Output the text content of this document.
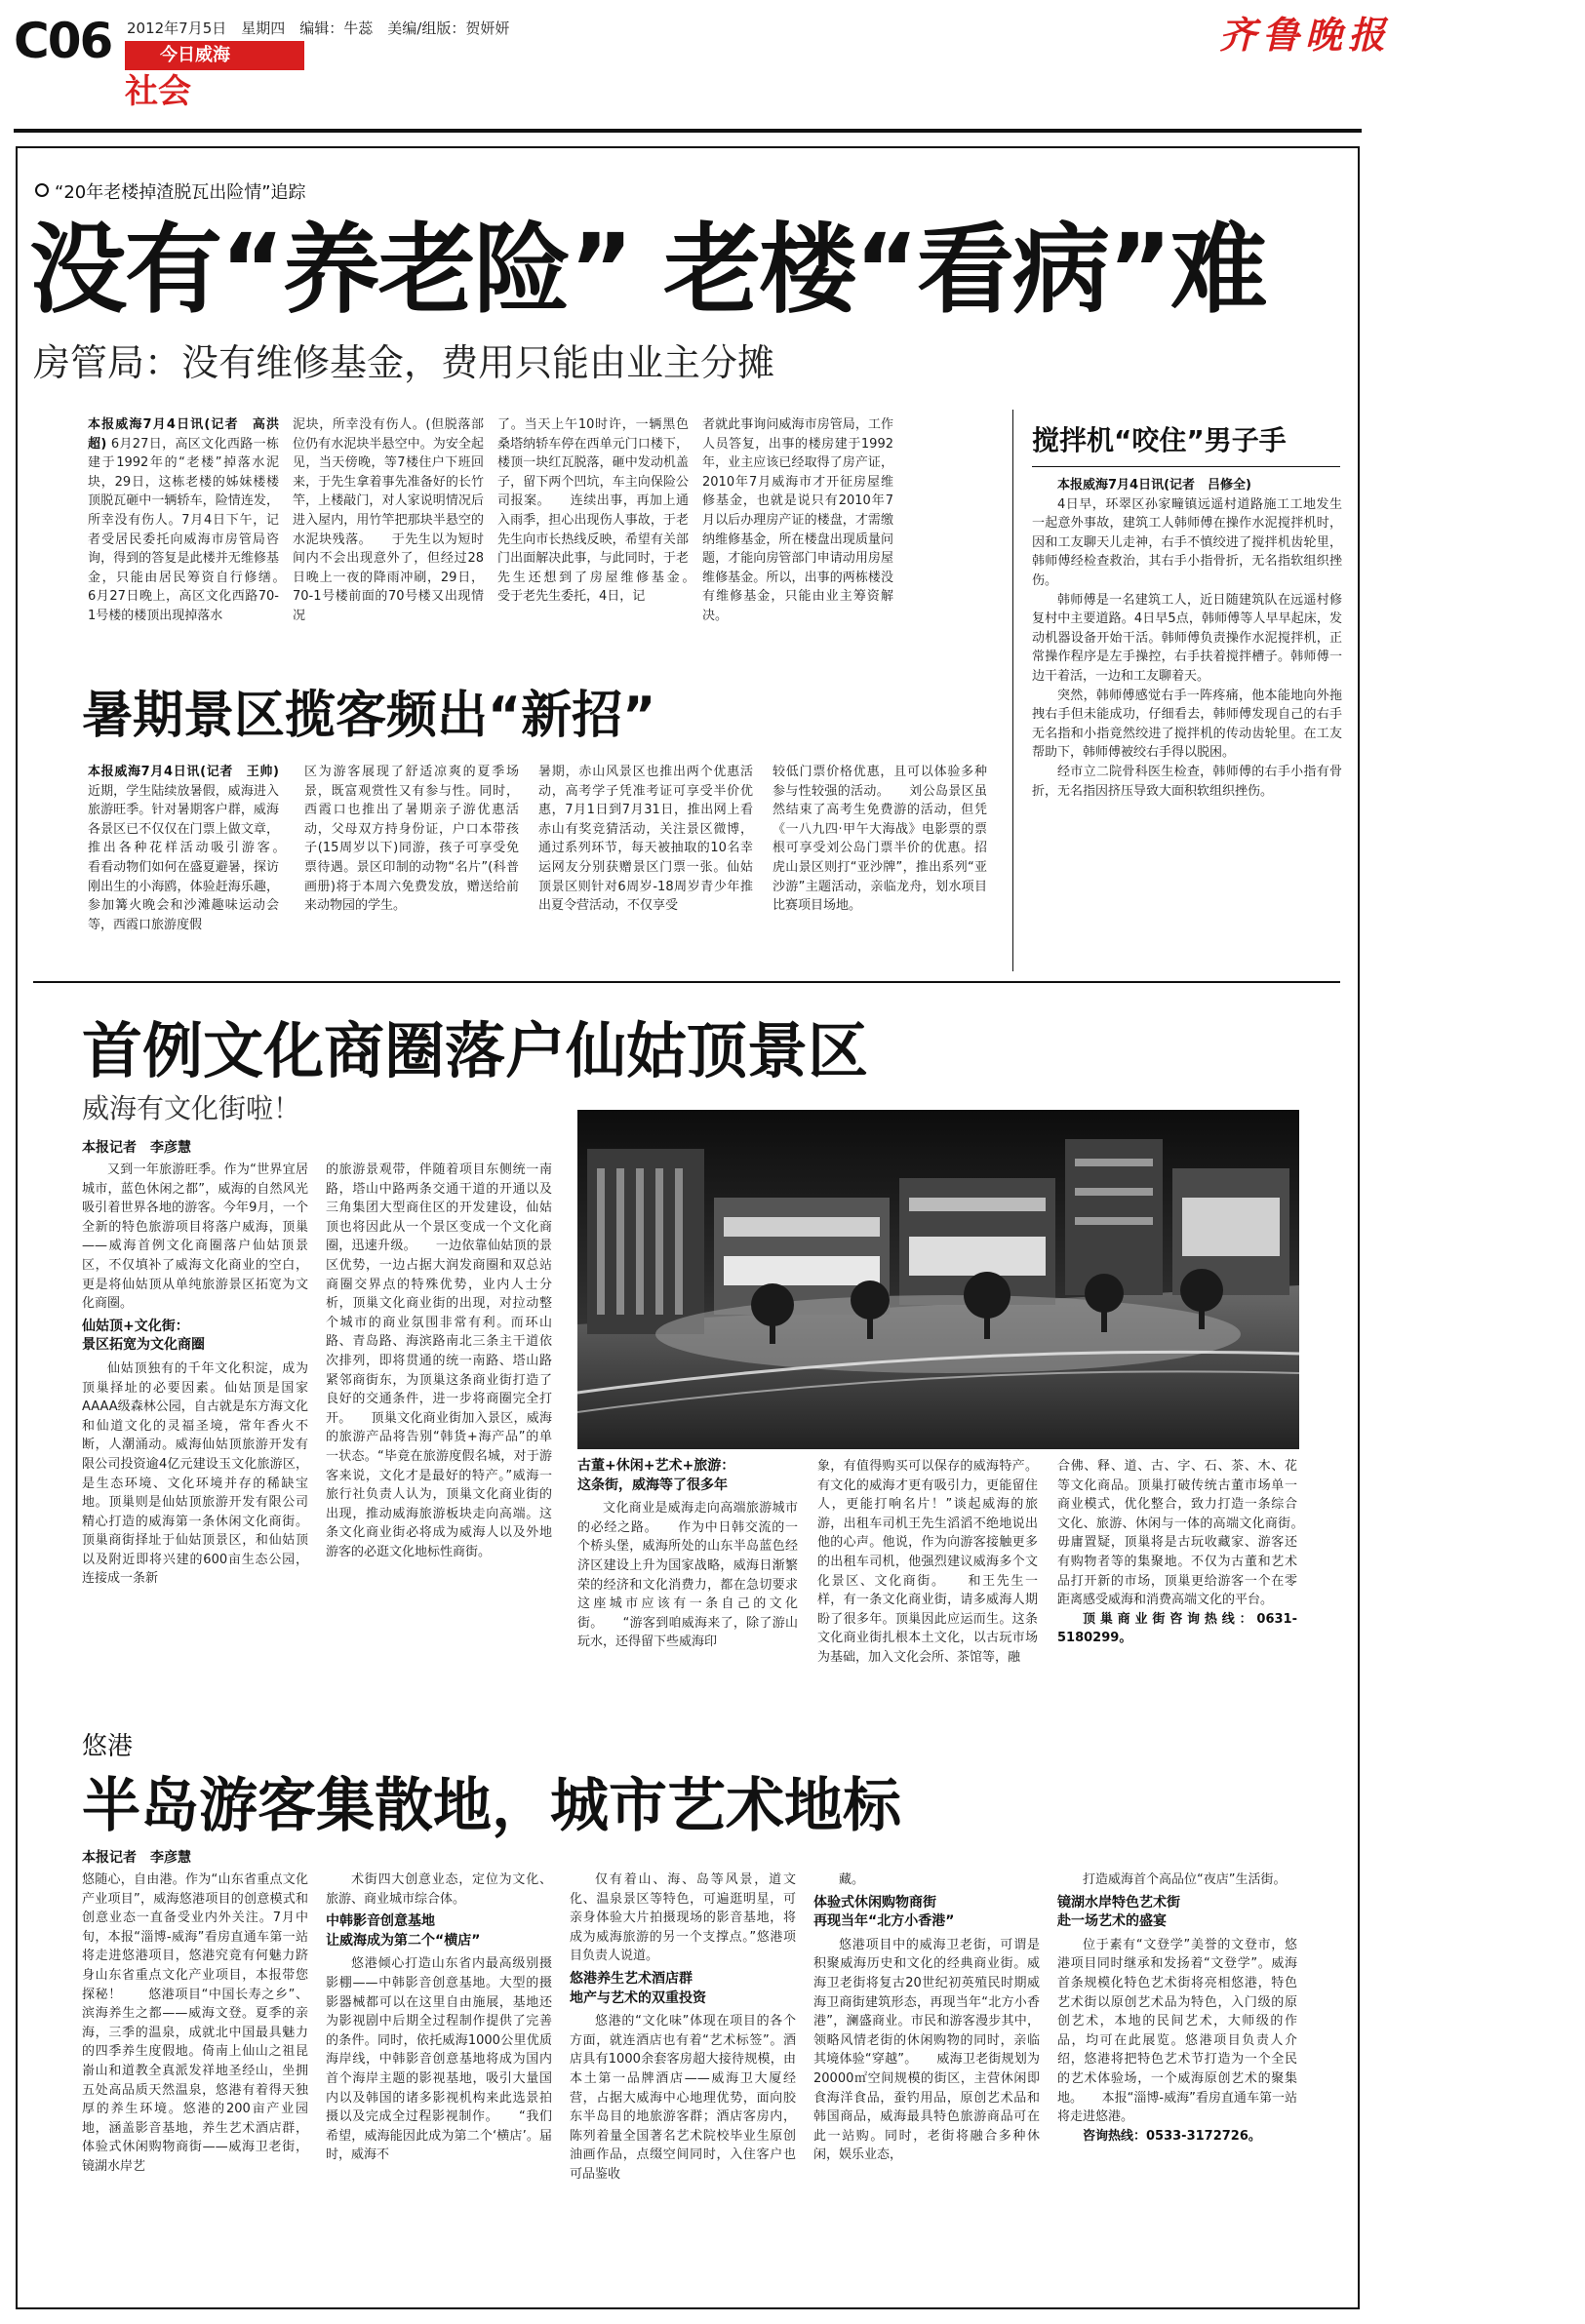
C06 2012年7月5日　星期四　编辑：牛蕊　美编/组版：贺妍妍
今日威海
社会
齐鲁晚报
“20年老楼掉渣脱瓦出险情”追踪
没有“养老险” 老楼“看病”难
房管局：没有维修基金，费用只能由业主分摊
本报威海7月4日讯(记者　高洪超) 6月27日，高区文化西路一栋建于1992年的“老楼”掉落水泥块，29日，这栋老楼的姊妹楼楼顶脱瓦砸中一辆轿车，险情连发，所幸没有伤人。7月4日下午，记者受居民委托向威海市房管局咨询，得到的答复是此楼并无维修基金，只能由居民筹资自行修缮。　　6月27日晚上，高区文化西路70-1号楼的楼顶出现掉落水
泥块，所幸没有伤人。(但脱落部位仍有水泥块半悬空中。为安全起见，当天傍晚，等7楼住户下班回来，于先生拿着事先准备好的长竹竿，上楼敲门，对人家说明情况后进入屋内，用竹竿把那块半悬空的水泥块残落。　　于先生以为短时间内不会出现意外了，但经过28日晚上一夜的降雨冲刷，29日，70-1号楼前面的70号楼又出现情况
了。当天上午10时许，一辆黑色桑塔纳轿车停在西单元门口楼下，楼顶一块红瓦脱落，砸中发动机盖子，留下两个凹坑，车主向保险公司报案。　　连续出事，再加上通入雨季，担心出现伤人事故，于老先生向市长热线反映，希望有关部门出面解决此事，与此同时，于老先生还想到了房屋维修基金。　　受于老先生委托，4日，记
者就此事询问威海市房管局，工作人员答复，出事的楼房建于1992年，业主应该已经取得了房产证，2010年7月威海市才开征房屋维修基金，也就是说只有2010年7月以后办理房产证的楼盘，才需缴纳维修基金，所在楼盘出现质量问题，才能向房管部门申请动用房屋维修基金。所以，出事的两栋楼没有维修基金，只能由业主筹资解决。
搅拌机“咬住”男子手

本报威海7月4日讯(记者　吕修全)

4日早，环翠区孙家疃镇远遥村道路施工工地发生一起意外事故，建筑工人韩师傅在操作水泥搅拌机时，因和工友聊天儿走神，右手不慎绞进了搅拌机齿轮里，韩师傅经检查救治，其右手小指骨折，无名指软组织挫伤。

韩师傅是一名建筑工人，近日随建筑队在远遥村修复村中主要道路。4日早5点，韩师傅等人早早起床，发动机器设备开始干活。韩师傅负责操作水泥搅拌机，正常操作程序是左手操控，右手扶着搅拌槽子。韩师傅一边干着活，一边和工友聊着天。

突然，韩师傅感觉右手一阵疼痛，他本能地向外拖拽右手但未能成功，仔细看去，韩师傅发现自己的右手无名指和小指竟然绞进了搅拌机的传动齿轮里。在工友帮助下，韩师傅被绞右手得以脱困。

经市立二院骨科医生检查，韩师傅的右手小指有骨折，无名指因挤压导致大面积软组织挫伤。

暑期景区揽客频出“新招”
本报威海7月4日讯(记者　王帅) 近期，学生陆续放暑假，威海进入旅游旺季。针对暑期客户群，威海各景区已不仅仅在门票上做文章，推出各种花样活动吸引游客。　　看看动物们如何在盛夏避暑，探访刚出生的小海鸥，体验赶海乐趣，参加篝火晚会和沙滩趣味运动会等，西霞口旅游度假
区为游客展现了舒适凉爽的夏季场景，既富观赏性又有参与性。同时，西霞口也推出了暑期亲子游优惠活动，父母双方持身份证，户口本带孩子(15周岁以下)同游，孩子可享受免票待遇。景区印制的动物“名片”(科普画册)将于本周六免费发放，赠送给前来动物园的学生。
暑期，赤山风景区也推出两个优惠活动，高考学子凭准考证可享受半价优惠，7月1日到7月31日，推出网上看赤山有奖竞猜活动，关注景区微博，通过系列环节，每天被抽取的10名幸运网友分别获赠景区门票一张。仙姑顶景区则针对6周岁-18周岁青少年推出夏令营活动，不仅享受
较低门票价格优惠，且可以体验多种参与性较强的活动。　　刘公岛景区虽然结束了高考生免费游的活动，但凭《一八九四·甲午大海战》电影票的票根可享受刘公岛门票半价的优惠。招虎山景区则打“亚沙牌”，推出系列“亚沙游”主题活动，亲临龙舟，划水项目比赛项目场地。
首例文化商圈落户仙姑顶景区
威海有文化街啦！
本报记者　李彦慧

又到一年旅游旺季。作为“世界宜居城市，蓝色休闲之都”，威海的自然风光吸引着世界各地的游客。今年9月，一个全新的特色旅游项目将落户威海，顶巢——威海首例文化商圈落户仙姑顶景区，不仅填补了威海文化商业的空白，更是将仙姑顶从单纯旅游景区拓宽为文化商圈。

仙姑顶+文化街：
景区拓宽为文化商圈

仙姑顶独有的千年文化积淀，成为顶巢择址的必要因素。仙姑顶是国家AAAA级森林公园，自古就是东方海文化和仙道文化的灵福圣境，常年香火不断，人潮涌动。威海仙姑顶旅游开发有限公司投资逾4亿元建设玉文化旅游区，是生态环境、文化环境并存的稀缺宝地。顶巢则是仙姑顶旅游开发有限公司精心打造的威海第一条休闲文化商街。顶巢商街择址于仙姑顶景区，和仙姑顶以及附近即将兴建的600亩生态公园，连接成一条新

的旅游景观带，伴随着项目东侧统一南路，塔山中路两条交通干道的开通以及三角集团大型商住区的开发建设，仙姑顶也将因此从一个景区变成一个文化商圈，迅速升级。　　一边依靠仙姑顶的景区优势，一边占据大润发商圈和双总站商圈交界点的特殊优势，业内人士分析，顶巢文化商业街的出现，对拉动整个城市的商业氛围非常有利。而环山路、青岛路、海滨路南北三条主干道依次排列，即将贯通的统一南路、塔山路紧邻商街东，为顶巢这条商业街打造了良好的交通条件，进一步将商圈完全打开。　　顶巢文化商业街加入景区，威海的旅游产品将告别“韩货+海产品”的单一状态。“毕竟在旅游度假名城，对于游客来说，文化才是最好的特产。”威海一旅行社负责人认为，顶巢文化商业街的出现，推动威海旅游板块走向高端。这条文化商业街必将成为威海人以及外地游客的必逛文化地标性商街。

古董+休闲+艺术+旅游：
这条街，威海等了很多年

文化商业是威海走向高端旅游城市的必经之路。　　作为中日韩交流的一个桥头堡，威海所处的山东半岛蓝色经济区建设上升为国家战略，威海日渐繁荣的经济和文化消费力，都在急切要求这座城市应该有一条自己的文化街。　　“游客到咱威海来了，除了游山玩水，还得留下些威海印

象，有值得购买可以保存的威海特产。有文化的威海才更有吸引力，更能留住人，更能打响名片！”谈起威海的旅游，出租车司机王先生滔滔不绝地说出他的心声。他说，作为向游客接触更多的出租车司机，他强烈建议威海多个文化景区、文化商街。　　和王先生一样，有一条文化商业街，请多威海人期盼了很多年。顶巢因此应运而生。这条文化商业街扎根本土文化，以古玩市场为基础，加入文化会所、茶馆等，融
合佛、释、道、古、字、石、茶、木、花等文化商品。顶巢打破传统古董市场单一商业模式，优化整合，致力打造一条综合文化、旅游、休闲与一体的高端文化商街。　　毋庸置疑，顶巢将是古玩收藏家、游客还有购物者等的集聚地。不仅为古董和艺术品打开新的市场，顶巢更给游客一个在零距离感受威海和消费高端文化的平台。

顶巢商业街咨询热线：0631-5180299。

悠港
半岛游客集散地，城市艺术地标
本报记者　李彦慧
悠随心，自由港。作为“山东省重点文化产业项目”，威海悠港项目的创意模式和创意业态一直备受业内外关注。7月中旬，本报“淄博-威海”看房直通车第一站将走进悠港项目，悠港究竟有何魅力跻身山东省重点文化产业项目，本报带您探秘！　　悠港项目“中国长寿之乡”、滨海养生之都——威海文登。夏季的亲海，三季的温泉，成就北中国最具魅力的四季养生度假地。倚南上仙山之祖昆嵛山和道教全真派发祥地圣经山，坐拥五处高品质天然温泉，悠港有着得天独厚的养生环境。悠港的200亩产业园地，涵盖影音基地，养生艺术酒店群，体验式休闲购物商街——威海卫老街，镜湖水岸艺

术街四大创意业态，定位为文化、旅游、商业城市综合体。

中韩影音创意基地
让威海成为第二个“横店”

悠港倾心打造山东省内最高级别摄影棚——中韩影音创意基地。大型的摄影器械都可以在这里自由施展，基地还为影视剧中后期全过程制作提供了完善的条件。同时，依托威海1000公里优质海岸线，中韩影音创意基地将成为国内首个海岸主题的影视基地，吸引大量国内以及韩国的诸多影视机构来此选景拍摄以及完成全过程影视制作。　　“我们希望，威海能因此成为第二个‘横店’。届时，威海不

仅有着山、海、岛等风景，道文化、温泉景区等特色，可遍逛明星，可亲身体验大片拍摄现场的影音基地，将成为威海旅游的另一个支撑点。”悠港项目负责人说道。

悠港养生艺术酒店群
地产与艺术的双重投资

悠港的“文化味”体现在项目的各个方面，就连酒店也有着“艺术标签”。酒店具有1000余套客房超大接待规模，由本土第一品牌酒店——威海卫大厦经营，占据大威海中心地理优势，面向胶东半岛目的地旅游客群；酒店客房内，陈列着量全国著名艺术院校毕业生原创油画作品，点缀空间同时，入住客户也可品鉴收

藏。

体验式休闲购物商街
再现当年“北方小香港”

悠港项目中的威海卫老街，可谓是积聚威海历史和文化的经典商业街。威海卫老街将复古20世纪初英殖民时期威海卫商街建筑形态，再现当年“北方小香港”，澜盛商业。市民和游客漫步其中，领略风情老街的休闲购物的同时，亲临其境体验“穿越”。　　威海卫老街规划为20000㎡空间规模的街区，主营休闲即食海洋食品，蚕钓用品，原创艺术品和韩国商品，威海最具特色旅游商品可在此一站购。同时，老街将融合多种休闲，娱乐业态，

打造威海首个高品位“夜店”生活街。

镜湖水岸特色艺术街
赴一场艺术的盛宴

位于素有“文登学”美誉的文登市，悠港项目同时继承和发扬着“文登学”。威海首条规模化特色艺术街将亮相悠港，特色艺术街以原创艺术品为特色，入门级的原创艺术，本地的民间艺术，大师级的作品，均可在此展览。悠港项目负责人介绍，悠港将把特色艺术节打造为一个全民的艺术体验场，一个威海原创艺术的聚集地。　　本报“淄博-威海”看房直通车第一站将走进悠港。

咨询热线：0533-3172726。
